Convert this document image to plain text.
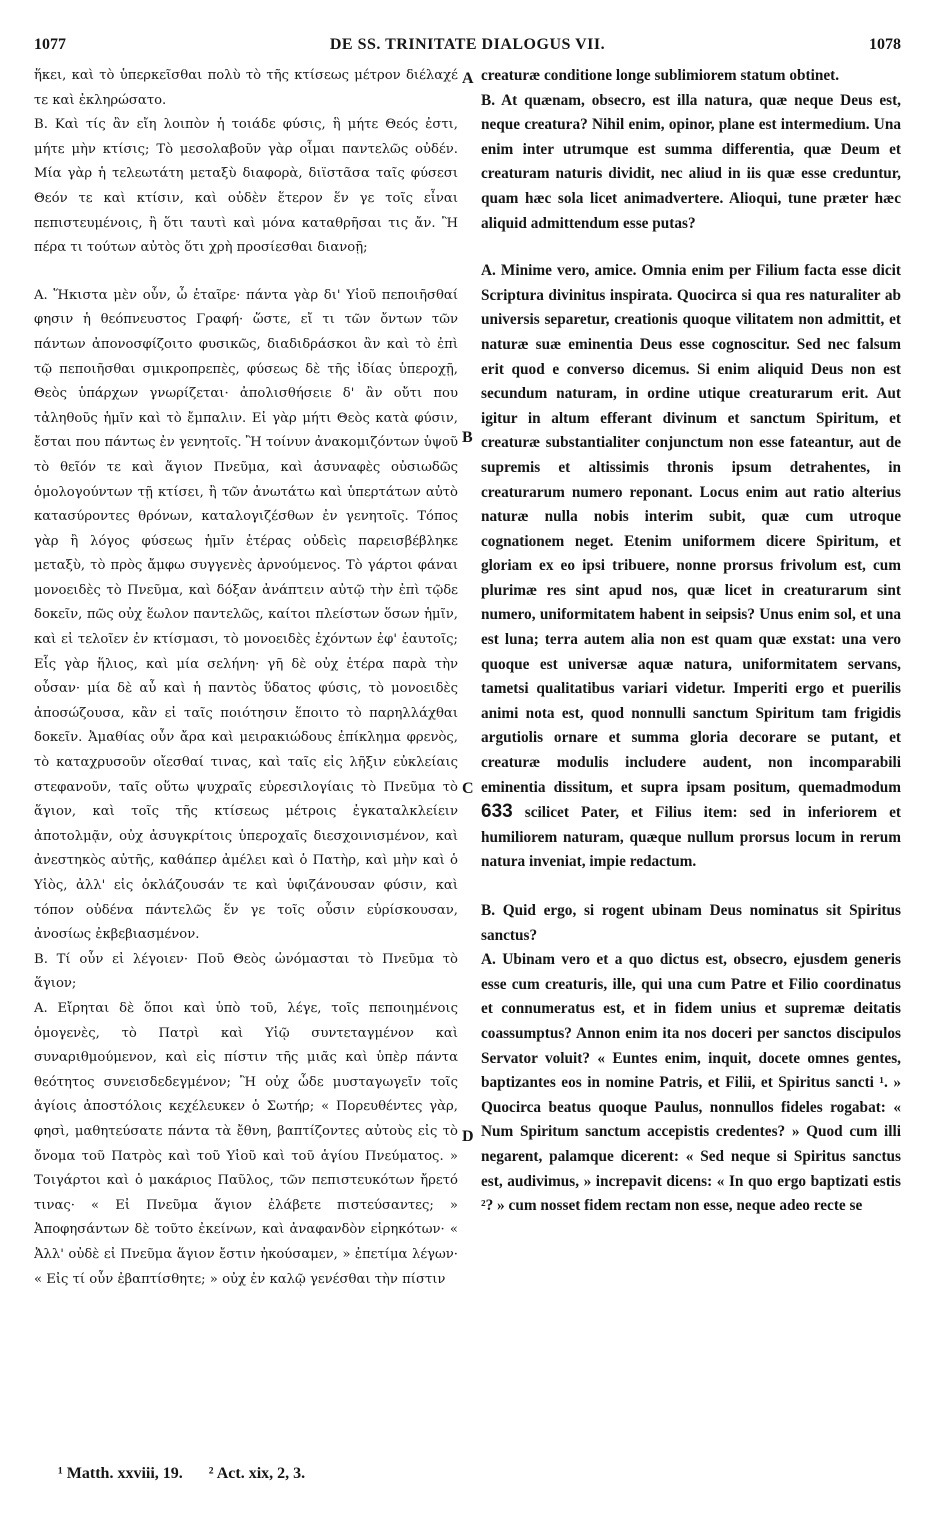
1077	DE SS. TRINITATE DIALOGUS VII.	1078

ἥκει, καὶ τὸ ὑπερκεῖσθαι πολὺ τὸ τῆς κτίσεως μέτρον διέλαχέ τε καὶ ἐκληρώσατο.

B. Καὶ τίς ἂν εἴη λοιπὸν ἡ τοιάδε φύσις, ἣ μήτε Θεός ἐστι, μήτε μὴν κτίσις; Τὸ μεσολαβοῦν γὰρ οἶμαι παντελῶς οὐδέν. Μία γὰρ ἡ τελεωτάτη μεταξὺ διαφορὰ, διϊστᾶσα ταῖς φύσεσι Θεόν τε καὶ κτίσιν, καὶ οὐδὲν ἕτερον ἕν γε τοῖς εἶναι πεπιστευμένοις, ἢ ὅτι ταυτὶ καὶ μόνα καταθρῆσαι τις ἄν. Ἢ πέρα τι τούτων αὐτὸς ὅτι χρὴ προσίεσθαι διανοῇ;

A. Ἥκιστα μὲν οὖν, ὦ ἑταῖρε· πάντα γὰρ δι' Υἱοῦ πεποιῆσθαί φησιν ἡ θεόπνευστος Γραφή· ὥστε, εἴ τι τῶν ὄντων τῶν πάντων ἀπονοσφίζοιτο φυσικῶς, διαδιδράσκοι ἂν καὶ τὸ ἐπὶ τῷ πεποιῆσθαι σμικροπρεπὲς, φύσεως δὲ τῆς ἰδίας ὑπεροχῇ, Θεὸς ὑπάρχων γνωρίζεται· ἀπολισθήσειε δ' ἂν οὔτι που τἀληθοῦς ἡμῖν καὶ τὸ ἔμπαλιν. Εἰ γὰρ μήτι Θεὸς κατὰ φύσιν, ἔσται που πάντως ἐν γενητοῖς. Ἢ τοίνυν ἀνακομιζόντων ὑψοῦ τὸ θεῖόν τε καὶ ἅγιον Πνεῦμα, καὶ ἀσυναφὲς οὐσιωδῶς ὁμολογούντων τῇ κτίσει, ἢ τῶν ἀνωτάτω καὶ ὑπερτάτων αὐτὸ κατασύροντες θρόνων, καταλογιζέσθων ἐν γενητοῖς. Τόπος γὰρ ἢ λόγος φύσεως ἡμῖν ἑτέρας οὐδεὶς παρεισβέβληκε μεταξὺ, τὸ πρὸς ἄμφω συγγενὲς ἀρνούμενος. Τὸ γάρτοι φάναι μονοειδὲς τὸ Πνεῦμα, καὶ δόξαν ἀνάπτειν αὐτῷ τὴν ἐπὶ τῷδε δοκεῖν, πῶς οὐχ ἕωλον παντελῶς, καίτοι πλείστων ὅσων ἡμῖν, καὶ εἰ τελοῖεν ἐν κτίσμασι, τὸ μονοειδὲς ἐχόντων ἐφ' ἑαυτοῖς; Εἷς γὰρ ἥλιος, καὶ μία σελήνη· γῆ δὲ οὐχ ἑτέρα παρὰ τὴν οὖσαν· μία δὲ αὖ καὶ ἡ παντὸς ὕδατος φύσις, τὸ μονοειδὲς ἀποσώζουσα, κἂν εἰ ταῖς ποιότησιν ἕποιτο τὸ παρηλλάχθαι δοκεῖν. Ἀμαθίας οὖν ἄρα καὶ μειρακιώδους ἐπίκλημα φρενὸς, τὸ καταχρυσοῦν οἴεσθαί τινας, καὶ ταῖς εἰς λῆξιν εὐκλείαις στεφανοῦν, ταῖς οὕτω ψυχραῖς εὑρεσιλογίαις τὸ Πνεῦμα τὸ ἅγιον, καὶ τοῖς τῆς κτίσεως μέτροις ἐγκαταλκλείειν ἀποτολμᾷν, οὐχ ἀσυγκρίτοις ὑπεροχαῖς διεσχοινισμένον, καὶ ἀνεστηκὸς αὐτῆς, καθάπερ ἀμέλει καὶ ὁ Πατὴρ, καὶ μὴν καὶ ὁ Υἱὸς, ἀλλ' εἰς ὀκλάζουσάν τε καὶ ὑφιζάνουσαν φύσιν, καὶ τόπον οὐδένα πάντελῶς ἕν γε τοῖς οὖσιν εὑρίσκουσαν, ἀνοσίως ἐκβεβιασμένον.

B. Τί οὖν εἰ λέγοιεν· Ποῦ Θεὸς ὠνόμασται τὸ Πνεῦμα τὸ ἅγιον;

A. Εἴρηται δὲ ὅποι καὶ ὑπὸ τοῦ, λέγε, τοῖς πεποιημένοις ὁμογενὲς, τὸ Πατρὶ καὶ Υἱῷ συντεταγμένον καὶ συναριθμούμενον, καὶ εἰς πίστιν τῆς μιᾶς καὶ ὑπὲρ πάντα θεότητος συνεισδεδεγμένον; Ἢ οὐχ ὧδε μυσταγωγεῖν τοῖς ἁγίοις ἀποστόλοις κεχέλευκεν ὁ Σωτήρ; « Πορευθέντες γὰρ, φησὶ, μαθητεύσατε πάντα τὰ ἔθνη, βαπτίζοντες αὐτοὺς εἰς τὸ ὄνομα τοῦ Πατρὸς καὶ τοῦ Υἱοῦ καὶ τοῦ ἁγίου Πνεύματος. » Τοιγάρτοι καὶ ὁ μακάριος Παῦλος, τῶν πεπιστευκότων ἤρετό τινας· « Εἰ Πνεῦμα ἅγιον ἐλάβετε πιστεύσαντες; » Ἀποφησάντων δὲ τοῦτο ἐκείνων, καὶ ἀναφανδὸν εἰρηκότων· « Ἀλλ' οὐδὲ εἰ Πνεῦμα ἅγιον ἔστιν ἠκούσαμεν, » ἐπετίμα λέγων· « Εἰς τί οὖν ἐβαπτίσθητε; » οὐχ ἐν καλῷ γενέσθαι τὴν πίστιν

A
B
C
D

creaturæ conditione longe sublimiorem statum obtinet.

B. At quænam, obsecro, est illa natura, quæ neque Deus est, neque creatura? Nihil enim, opinor, plane est intermedium. Una enim inter utrumque est summa differentia, quæ Deum et creaturam naturis dividit, nec aliud in iis quæ esse creduntur, quam hæc sola licet animadvertere. Alioqui, tune præter hæc aliquid admittendum esse putas?

A. Minime vero, amice. Omnia enim per Filium facta esse dicit Scriptura divinitus inspirata. Quocirca si qua res naturaliter ab universis separetur, creationis quoque vilitatem non admittit, et naturæ suæ eminentia Deus esse cognoscitur. Sed nec falsum erit quod e converso dicemus. Si enim aliquid Deus non est secundum naturam, in ordine utique creaturarum erit. Aut igitur in altum efferant divinum et sanctum Spiritum, et creaturæ substantialiter conjunctum non esse fateantur, aut de supremis et altissimis thronis ipsum detrahentes, in creaturarum numero reponant. Locus enim aut ratio alterius naturæ nulla nobis interim subit, quæ cum utroque cognationem neget. Etenim uniformem dicere Spiritum, et gloriam ex eo ipsi tribuere, nonne prorsus frivolum est, cum plurimæ res sint apud nos, quæ licet in creaturarum sint numero, uniformitatem habent in seipsis? Unus enim sol, et una est luna; terra autem alia non est quam quæ exstat: una vero quoque est universæ aquæ natura, uniformitatem servans, tametsi qualitatibus variari videtur. Imperiti ergo et puerilis animi nota est, quod nonnulli sanctum Spiritum tam frigidis argutiolis ornare et summa gloria decorare se putant, et creaturæ modulis includere audent, non incomparabili eminentia dissitum, et supra ipsam positum, quemadmodum 633 scilicet Pater, et Filius item: sed in inferiorem et humiliorem naturam, quæque nullum prorsus locum in rerum natura inveniat, impie redactum.

B. Quid ergo, si rogent ubinam Deus nominatus sit Spiritus sanctus?

A. Ubinam vero et a quo dictus est, obsecro, ejusdem generis esse cum creaturis, ille, qui una cum Patre et Filio coordinatus et connumeratus est, et in fidem unius et supremæ deitatis coassumptus? Annon enim ita nos doceri per sanctos discipulos Servator voluit? « Euntes enim, inquit, docete omnes gentes, baptizantes eos in nomine Patris, et Filii, et Spiritus sancti ¹. » Quocirca beatus quoque Paulus, nonnullos fideles rogabat: « Num Spiritum sanctum accepistis credentes? » Quod cum illi negarent, palamque dicerent: « Sed neque si Spiritus sanctus est, audivimus, » increpavit dicens: « In quo ergo baptizati estis ²? » cum nosset fidem rectam non esse, neque adeo recte se

¹ Matth. xxviii, 19. ² Act. xix, 2, 3.
